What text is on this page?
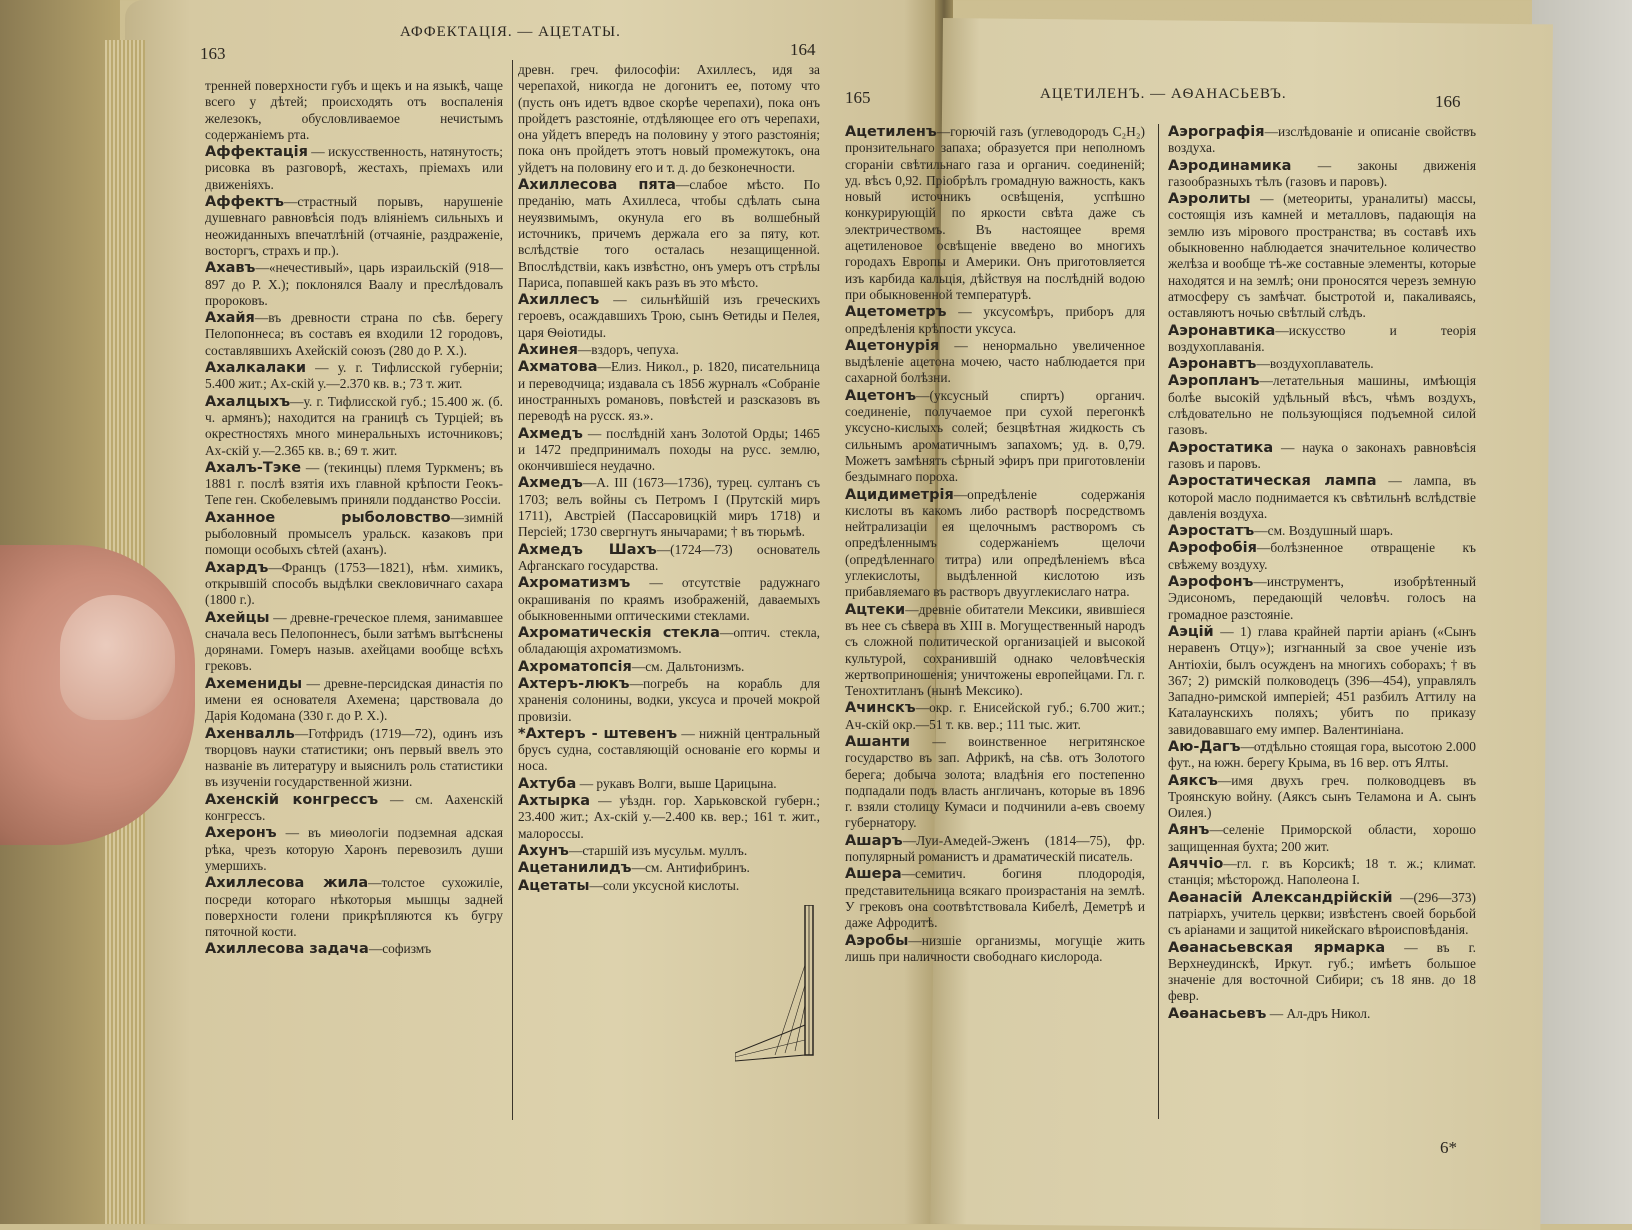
163
АФФЕКТАЦІЯ. — АЦЕТАТЫ.
164
165	АЦЕТИЛЕНЪ. — АѲАНАСЬЕВЪ.	166

тренней поверхности губъ и щекъ и на языкѣ, чаще всего у дѣтей; происходять отъ воспаленія железокъ, обусловливаемое нечистымъ содержаніемъ рта.

Аффектація — искусственность, натянутость; рисовка въ разговорѣ, жестахъ, пріемахъ или движеніяхъ.

Аффектъ—страстный порывъ, нарушеніе душевнаго равновѣсія подъ вліяніемъ сильныхъ и неожиданныхъ впечатлѣній (отчаяніе, раздраженіе, восторгъ, страхъ и пр.).

Ахавъ—«нечестивый», царь израильскій (918—897 до Р. Х.); поклонялся Ваалу и преслѣдовалъ пророковъ.

Ахайя—въ древности страна по сѣв. берегу Пелопоннеса; въ составъ ея входили 12 городовъ, составлявшихъ Ахейскій союзъ (280 до Р. Х.).

Ахалкалаки — у. г. Тифлисской губерніи; 5.400 жит.; Ах-скій у.—2.370 кв. в.; 73 т. жит.

Ахалцыхъ—у. г. Тифлисской губ.; 15.400 ж. (б. ч. армянъ); находится на границѣ съ Турціей; въ окрестностяхъ много минеральныхъ источниковъ; Ах-скій у.—2.365 кв. в.; 69 т. жит.

Ахалъ-Тэке — (текинцы) племя Туркменъ; въ 1881 г. послѣ взятія ихъ главной крѣпости Геокъ-Тепе ген. Скобелевымъ приняли подданство Россіи.

Аханное рыболовство—зимній рыболовный промыселъ уральск. казаковъ при помощи особыхъ сѣтей (аханъ).

Ахардъ—Францъ (1753—1821), нѣм. химикъ, открывшій способъ выдѣлки свекловичнаго сахара (1800 г.).

Ахейцы — древне-греческое племя, занимавшее сначала весь Пелопоннесъ, были затѣмъ вытѣснены дорянами. Гомеръ назыв. ахейцами вообще всѣхъ грековъ.

Ахемениды — древне-персидская династія по имени ея основателя Ахемена; царствовала до Дарія Кодомана (330 г. до Р. Х.).

Ахенвалль—Готфридъ (1719—72), одинъ изъ творцовъ науки статистики; онъ первый ввелъ это названіе въ литературу и выяснилъ роль статистики въ изученіи государственной жизни.

Ахенскій конгрессъ — см. Аахенскій конгрессъ.

Ахеронъ — въ миѳологіи подземная адская рѣка, чрезъ которую Харонъ перевозилъ души умершихъ.

Ахиллесова жила—толстое сухожиліе, посреди котораго нѣкоторыя мышцы задней поверхности голени прикрѣпляются къ бугру пяточной кости.

Ахиллесова задача—софизмъ

древн. греч. философіи: Ахиллесъ, идя за черепахой, никогда не догонитъ ее, потому что (пусть онъ идетъ вдвое скорѣе черепахи), пока онъ пройдетъ разстояніе, отдѣляющее его отъ черепахи, она уйдетъ впередъ на половину у этого разстоянія; пока онъ пройдетъ этотъ новый промежутокъ, она уйдетъ на половину его и т. д. до безконечности.

Ахиллесова пята—слабое мѣсто. По преданію, мать Ахиллеса, чтобы сдѣлать сына неуязвимымъ, окунула его въ волшебный источникъ, причемъ держала его за пяту, кот. вслѣдствіе того осталась незащищенной. Впослѣдствіи, какъ извѣстно, онъ умеръ отъ стрѣлы Париса, попавшей какъ разъ въ это мѣсто.

Ахиллесъ — сильнѣйшій изъ греческихъ героевъ, осаждавшихъ Трою, сынъ Ѳетиды и Пелея, царя Ѳѳіотиды.

Ахинея—вздоръ, чепуха.

Ахматова—Елиз. Никол., р. 1820, писательница и переводчица; издавала съ 1856 журналъ «Собраніе иностранныхъ романовъ, повѣстей и разсказовъ въ переводѣ на русск. яз.».

Ахмедъ — послѣдній ханъ Золотой Орды; 1465 и 1472 предпринималъ походы на русс. землю, окончившіеся неудачно.

Ахмедъ—А. III (1673—1736), турец. султанъ съ 1703; велъ войны съ Петромъ I (Прутскій миръ 1711), Австріей (Пассаровицкій миръ 1718) и Персіей; 1730 свергнутъ янычарами; † въ тюрьмѣ.

Ахмедъ Шахъ—(1724—73) основатель Афганскаго государства.

Ахроматизмъ — отсутствіе радужнаго окрашиванія по краямъ изображеній, даваемыхъ обыкновенными оптическими стеклами.

Ахроматическія стекла—оптич. стекла, обладающія ахроматизмомъ.

Ахроматопсія—см. Дальтонизмъ.

Ахтеръ-люкъ—погребъ на корабль для храненія солонины, водки, уксуса и прочей мокрой провизіи.

*Ахтеръ - штевенъ — нижній центральный брусъ судна, составляющій основаніе его кормы и носа.

Ахтуба — рукавъ Волги, выше Царицына.

Ахтырка — уѣздн. гор. Харьковской губерн.; 23.400 жит.; Ах-скій у.—2.400 кв. вер.; 161 т. жит., малороссы.

Ахунъ—старшій изъ мусульм. муллъ.

Ацетанилидъ—см. Антифибринъ.

Ацетаты—соли уксусной кислоты.

Ацетиленъ—горючій газъ (углеводородъ C₂H₂) пронзительнаго запаха; образуется при неполномъ сгораніи свѣтильнаго газа и органич. соединеній; уд. вѣсъ 0,92. Пріобрѣлъ громадную важность, какъ новый источникъ освѣщенія, успѣшно конкурирующій по яркости свѣта даже съ электричествомъ. Въ настоящее время ацетиленовое освѣщеніе введено во многихъ городахъ Европы и Америки. Онъ приготовляется изъ карбида кальція, дѣйствуя на послѣдній водою при обыкновенной температурѣ.

Ацетометръ — уксусомѣръ, приборъ для опредѣленія крѣпости уксуса.

Ацетонурія — ненормально увеличенное выдѣленіе ацетона мочею, часто наблюдается при сахарной болѣзни.

Ацетонъ—(уксусный спиртъ) органич. соединеніе, получаемое при сухой перегонкѣ уксусно-кислыхъ солей; безцвѣтная жидкость съ сильнымъ ароматичнымъ запахомъ; уд. в. 0,79. Можетъ замѣнять сѣрный эфиръ при приготовленіи бездымнаго пороха.

Ацидиметрія—опредѣленіе содержанія кислоты въ какомъ либо растворѣ посредствомъ нейтрализаціи ея щелочнымъ растворомъ съ опредѣленнымъ содержаніемъ щелочи (опредѣленнаго титра) или опредѣленіемъ вѣса углекислоты, выдѣленной кислотою изъ прибавляемаго въ растворъ двууглекислаго натра.

Ацтеки—древніе обитатели Мексики, явившіеся въ нее съ сѣвера въ XIII в. Могущественный народъ съ сложной политической организаціей и высокой культурой, сохранившій однако человѣческія жертвоприношенія; уничтожены европейцами. Гл. г. Тенохтитланъ (нынѣ Мексико).

Ачинскъ—окр. г. Енисейской губ.; 6.700 жит.; Ач-скій окр.—51 т. кв. вер.; 111 тыс. жит.

Ашанти — воинственное негритянское государство въ зап. Африкѣ, на сѣв. отъ Золотого берега; добыча золота; владѣнія его постепенно подпадали подъ власть англичанъ, которые въ 1896 г. взяли столицу Кумаси и подчинили а-евъ своему губернатору.

Ашаръ—Луи-Амедей-Эженъ (1814—75), фр. популярный романистъ и драматическій писатель.

Ашера—семитич. богиня плодородія, представительница всякаго произрастанія на землѣ. У грековъ она соотвѣтствовала Кибелѣ, Деметрѣ и даже Афродитѣ.

Аэробы—низшіе организмы, могущіе жить лишь при наличности свободнаго кислорода.

Аэрографія—изслѣдованіе и описаніе свойствъ воздуха.

Аэродинамика — законы движенія газообразныхъ тѣлъ (газовъ и паровъ).

Аэролиты — (метеориты, ураналиты) массы, состоящія изъ камней и металловъ, падающія на землю изъ мірового пространства; въ составѣ ихъ обыкновенно наблюдается значительное количество желѣза и вообще тѣ-же составные элементы, которые находятся и на землѣ; они проносятся черезъ земную атмосферу съ замѣчат. быстротой и, пакаливаясь, оставляютъ ночью свѣтлый слѣдъ.

Аэронавтика—искусство и теорія воздухоплаванія.

Аэронавтъ—воздухоплаватель.

Аэропланъ—летательныя машины, имѣющія болѣе высокій удѣльный вѣсъ, чѣмъ воздухъ, слѣдовательно не пользующіяся подъемной силой газовъ.

Аэростатика — наука о законахъ равновѣсія газовъ и паровъ.

Аэростатическая лампа — лампа, въ которой масло поднимается къ свѣтильнѣ вслѣдствіе давленія воздуха.

Аэростатъ—см. Воздушный шаръ.

Аэрофобія—болѣзненное отвращеніе къ свѣжему воздуху.

Аэрофонъ—инструментъ, изобрѣтенный Эдисономъ, передающій человѣч. голосъ на громадное разстояніе.

Аэцій — 1) глава крайней партіи аріанъ («Сынъ неравенъ Отцу»); изгнанный за свое ученіе изъ Антіохіи, былъ осужденъ на многихъ соборахъ; † въ 367; 2) римскій полководецъ (396—454), управлялъ Западно-римской имперіей; 451 разбилъ Аттилу на Каталаунскихъ поляхъ; убитъ по приказу завидовавшаго ему импер. Валентиніана.

Аю-Дагъ—отдѣльно стоящая гора, высотою 2.000 фут., на южн. берегу Крыма, въ 16 вер. отъ Ялты.

Аяксъ—имя двухъ греч. полководцевъ въ Троянскую войну. (Аяксъ сынъ Теламона и А. сынъ Оилея.)

Аянъ—селеніе Приморской области, хорошо защищенная бухта; 200 жит.

Аяччіо—гл. г. въ Корсикѣ; 18 т. ж.; климат. станція; мѣсторожд. Наполеона I.

Аѳанасій Александрійскій —(296—373) патріархъ, учитель церкви; извѣстенъ своей борьбой съ аріанами и защитой никейскаго вѣроисповѣданія.

Аѳанасьевская ярмарка — въ г. Верхнеудинскѣ, Иркут. губ.; имѣетъ большое значеніе для восточной Сибири; съ 18 янв. до 18 февр.

Аѳанасьевъ — Ал-дръ Никол.

6*
